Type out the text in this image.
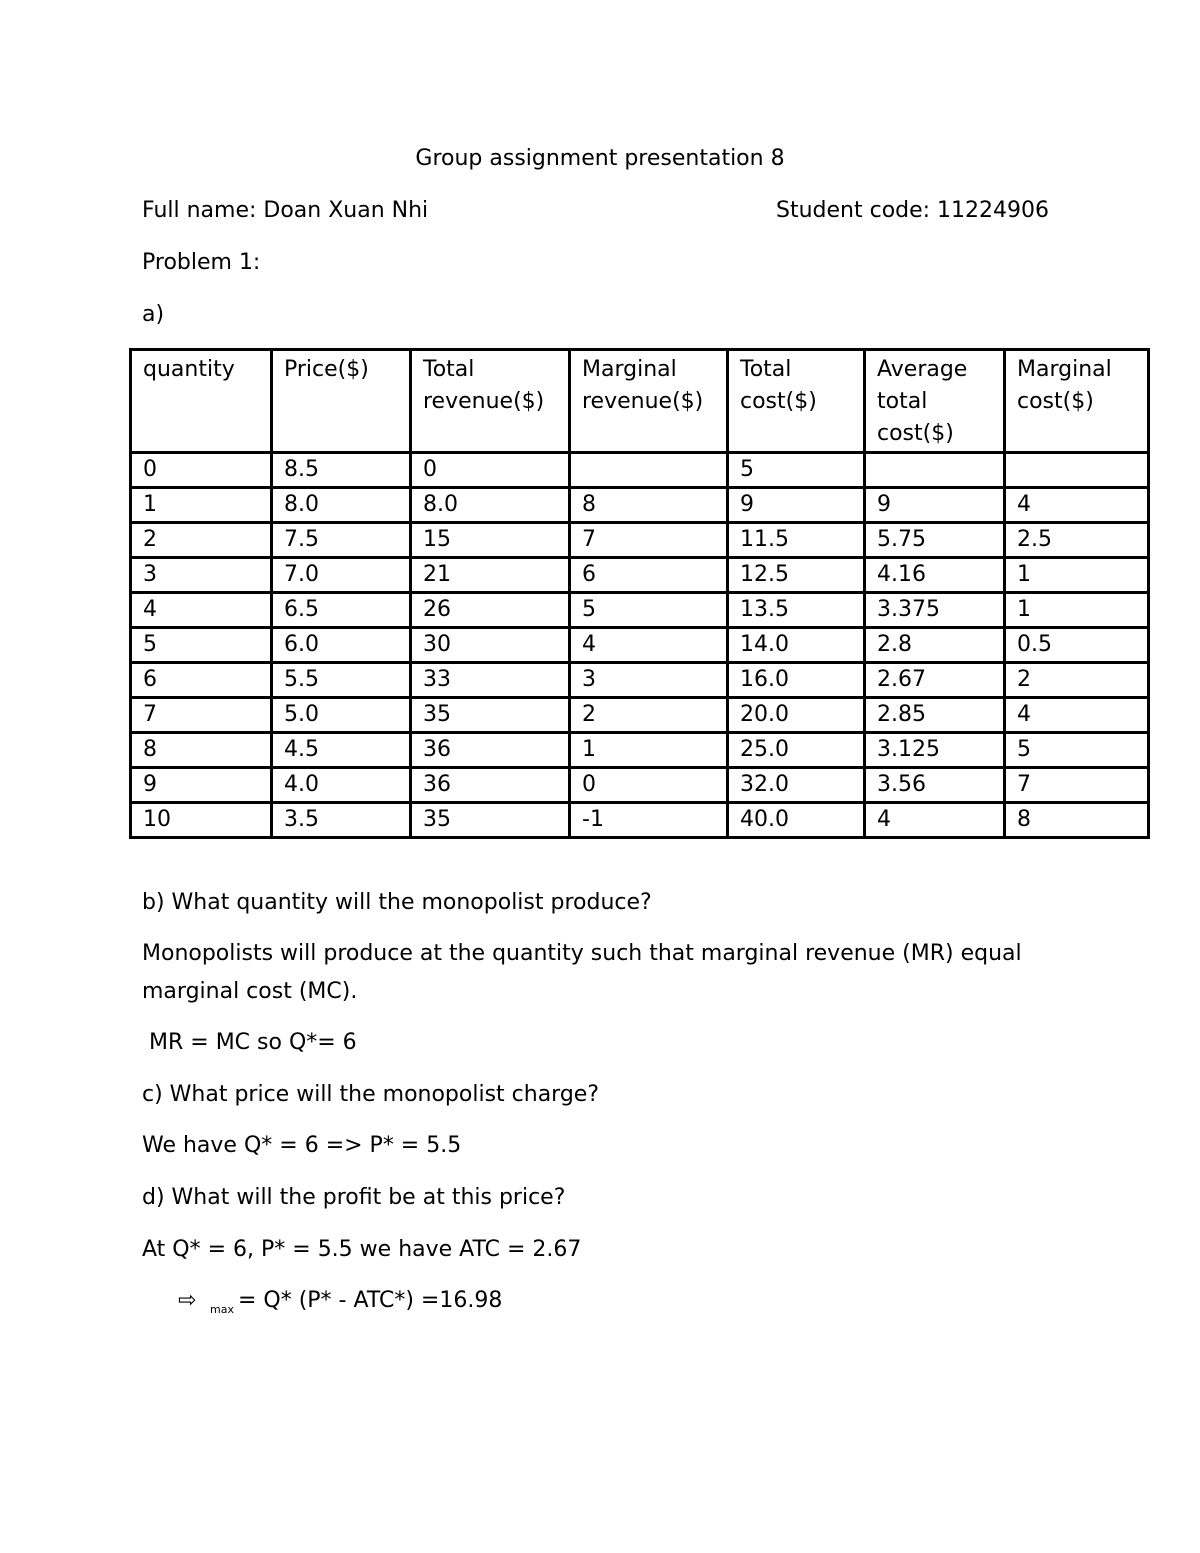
Group assignment presentation 8
Full name: Doan Xuan Nhi	Student code: 11224906
Problem 1:
a)
quantity	Price($)	Total revenue($)	Marginal revenue($)	Total cost($)	Average total cost($)	Marginal cost($)
0	8.5	0		5		
1	8.0	8.0	8	9	9	4
2	7.5	15	7	11.5	5.75	2.5
3	7.0	21	6	12.5	4.16	1
4	6.5	26	5	13.5	3.375	1
5	6.0	30	4	14.0	2.8	0.5
6	5.5	33	3	16.0	2.67	2
7	5.0	35	2	20.0	2.85	4
8	4.5	36	1	25.0	3.125	5
9	4.0	36	0	32.0	3.56	7
10	3.5	35	-1	40.0	4	8
b) What quantity will the monopolist produce?
Monopolists will produce at the quantity such that marginal revenue (MR) equal
marginal cost (MC).
MR = MC so Q*= 6
c) What price will the monopolist charge?
We have Q* = 6 => P* = 5.5
d) What will the profit be at this price?
At Q* = 6, P* = 5.5 we have ATC = 2.67
⇨ $_{max}$ = Q* (P* - ATC*) =16.98
